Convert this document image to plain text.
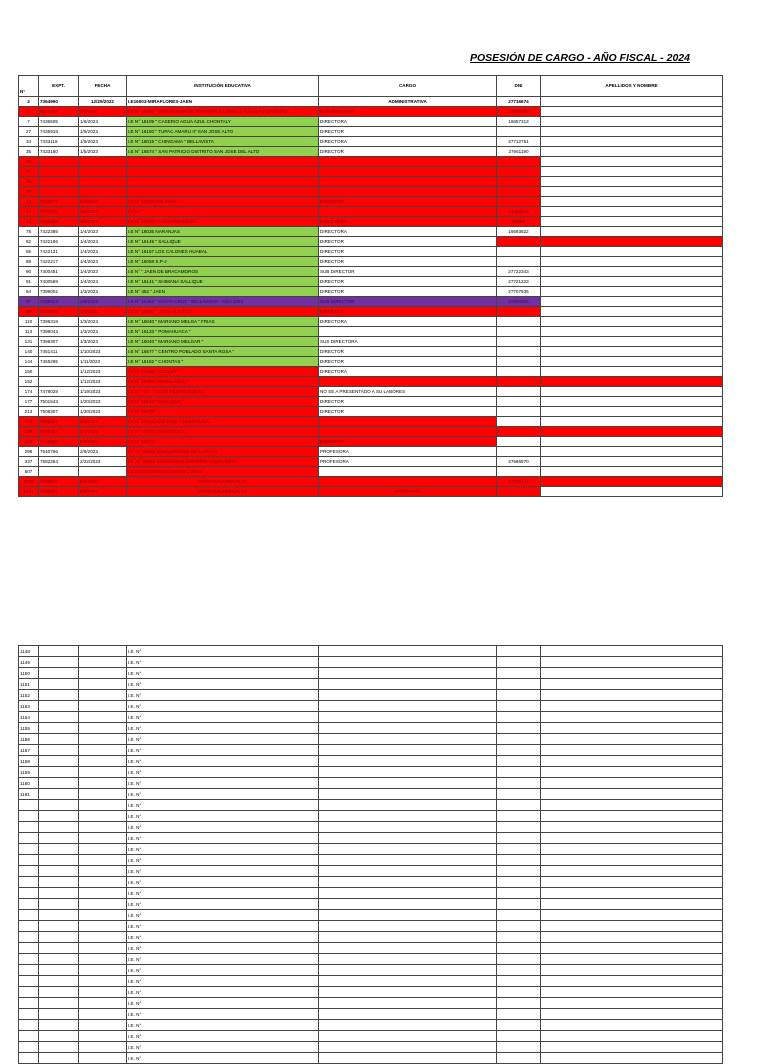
POSESIÓN DE CARGO - AÑO FISCAL - 2024
N°	EXPT.	FECHA	INSTITUCIÓN EDUCATIVA	CARGO	DNI	APELLIDOS Y NOMBRE
2	7364990	12/29/2022	I.E16003-MIRAFLORES-JAEN	ADMINISTRATIVA	27716674	
6	7520333	1/2/2023	I.E N° 16483 " SAN MARTIN DE PORRES-LA LOMA LLAMA ALTO CHONTALI"	SUB DIRECTOR	27668390	
7	7436505	1/6/2023	I.E N° 16109 " CASERIO AGUA AZUL CHONTALY	DIRECTORA	16657313	
27	7435918	1/5/2023	I.E N° 16160 " TUPAC AMARU II" SAN JOSE ALTO	DIRECTOR		
34	7433115	1/5/2023	I.E N° 16015 " CHINGAMA " BELLAVISTA	DIRECTORA	27712751	
35	7433150	1/5/2023	I.E N° 16574 " SAN PATRICIO DISTRITO SAN JOSE DEL ALTO	DIRECTOR	27661190	
36						
36						
36						
36						
43	7432079	1/5/2023	I.E N° 16189 COLASAY	DIRECTOR		
46	7436390	1/6/2023	I.E N° "		43480610	
54	7434464	1/5/2023	I.E N° 17500 " LAGO PIRAMUSA	DIRECTORA	54056	
78	7422385	1/4/2023	I.E N° 16036 NARANJAS	DIRECTORA	16693822	
82	7422186	1/4/2023	I.E N° 16145 " SALLIQUE	DIRECTOR		
85	7422131	1/4/2023	I.E N° 16167 LOS CALONES HUABAL	DIRECTOR		
88	7422217	1/4/2023	I.E N° 16058 S.P-J	DIRECTOR		
90	7400451	1/4/2023	I.E N° " JAEN DE BRACAMOROS	SUB DIRECTOR	27722343	
91	7400569	1/4/2023	I.E N° 16141 " SHIMANA SALLIQUE	DIRECTOR	27721223	
94	7399002	1/3/2023	I.E N° 452 " JAEN	DIRECTOR	27707935	
97	7436524	1/6/2023	I.E N° 16463 " SANTA CRUZ " BELLAVISTA - AÑO 2023	SUB DIRECTOR	27686386	
98	7399998	1/3/2023	I.E N° 16065 " VISTA ALEGRE"	DIRECTOR		
110	7398319	1/3/2023	I.E N° 16040 " MARIANO MELGA " FRIAS	DIRECTORA		
113	7398043	1/3/2023	I.E N° 16133 " POMAHUACA "			
131	7398307	1/3/2023	I.E N° 16040 " MARIANO MELGAR "	SUS DIRECTORA		
140	7451411	1/10/2023	I.E N° 16577 " CENTRO POBLADO SANTA ROSA "	DIRECTOR		
144	7455295	1/11/2023	I.E N° 16182 " CHONTAS "	DIRECTOR		
150		1/12/2023	I.E N° 17006 " ICON ET "	DIRECTORA		
152		1/12/2023	I.E N° 16094 " MAGLLANAL "			
174	7478028	1/19/2023	I.E N° " SA " LUCIO PEDRO PIQUET	NO SE A PRESENTADO A SU LABORES		
177	7501543	1/20/2023	I.E N° 16143 " SALLIQUE "	DIRECTOR		
213	7508307	1/30/2023	I.E N° 16173 "	DIRECTOR		
241	7535437	2/1/2023	I.E N° 17515 SAN JOSE CHUNCHUCA			
237	7535437	2/1/2023	I.E N° 17300 CHUNCHUCA			
248	7532908	2/3/2023	I.E N° 16376	DIRECTOR		
296	7540766	2/9/2023	I.E. N° 16462 SAN LORENZO DE LA PUYA	PROFESORA		
337	7582264	2/22/2023	I.E. N° 16463 SUSANGUAL DISTRITO SANTA ROSA	PROFESORA	27566970	
507			I.E RECONSTRUCCION DEL VRAE			
1000	7696602	5/6/2023	DIANA SALAMBA ALTO		27705444	
1001	7696602	5/6/2023	DIANA SALAMBA ALTO	PROFESOR		
1148			I.E. N°			
1149			I.E. N°			
1150			I.E. N°			
1151			I.E. N°			
1152			I.E. N°			
1153			I.E. N°			
1154			I.E. N°			
1155			I.E. N°			
1156			I.E. N°			
1157			I.E. N°			
1158			I.E. N°			
1159			I.E. N°			
1160			I.E. N°			
1161			I.E. N°			
			I.E. N°			
			I.E. N°			
			I.E. N°			
			I.E. N°			
			I.E. N°			
			I.E. N°			
			I.E. N°			
			I.E. N°			
			I.E. N°			
			I.E. N°			
			I.E. N°			
			I.E. N°			
			I.E. N°			
			I.E. N°			
			I.E. N°			
			I.E. N°			
			I.E. N°			
			I.E. N°			
			I.E. N°			
			I.E. N°			
			I.E. N°			
			I.E. N°			
			I.E. N°			
			I.E. N°			
